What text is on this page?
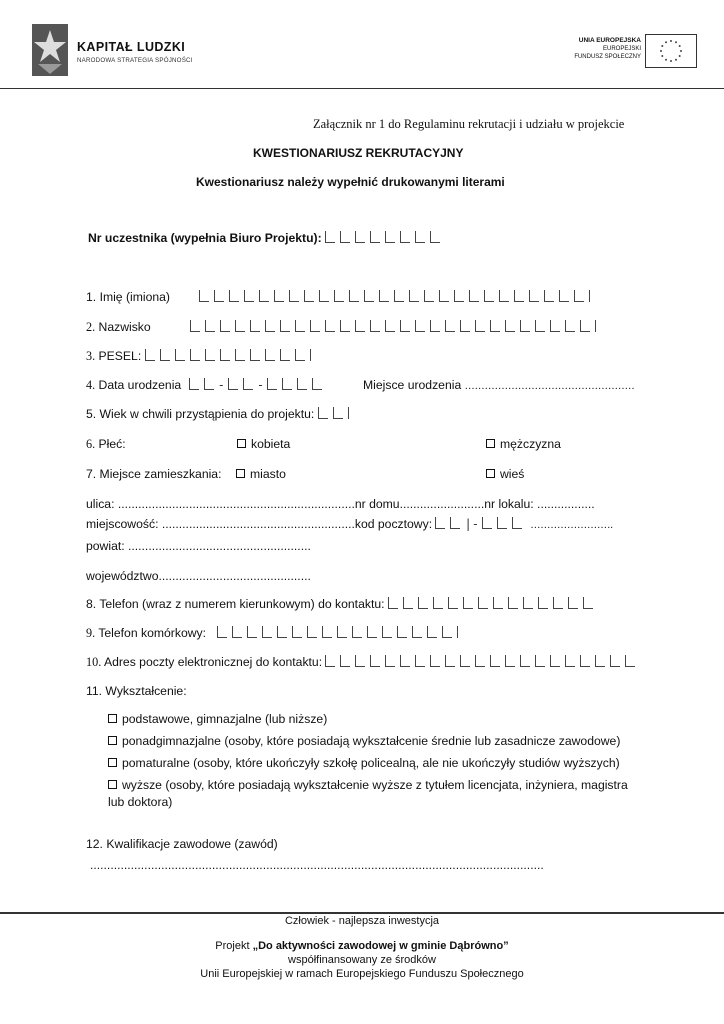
KAPITAŁ LUDZKI
NARODOWA STRATEGIA SPÓJNOŚCI
UNIA EUROPEJSKA
EUROPEJSKI
FUNDUSZ SPOŁECZNY
Załącznik nr 1 do Regulaminu rekrutacji i udziału w projekcie
KWESTIONARIUSZ REKRUTACYJNY
Kwestionariusz należy wypełnić drukowanymi literami
Nr uczestnika (wypełnia Biuro Projektu):
1. Imię (imiona)
2. Nazwisko
3. PESEL:
4. Data urodzenia	-	-	Miejsce urodzenia ……………………………………………
5. Wiek w chwili przystąpienia do projektu:
6. Płeć:	kobieta	mężczyzna
7. Miejsce zamieszkania:	miasto	wieś
ulica: ......................................................................nr domu.........................nr lokalu: .................
miejscowość: .........................................................kod pocztowy:	|-	…………………….
powiat: ......................................................
województwo.............................................
8. Telefon (wraz z numerem kierunkowym) do kontaktu:
9. Telefon komórkowy:
10. Adres poczty elektronicznej do kontaktu:
11. Wykształcenie:
podstawowe, gimnazjalne (lub niższe)
ponadgimnazjalne (osoby, które posiadają wykształcenie średnie lub zasadnicze zawodowe)
pomaturalne (osoby, które ukończyły szkołę policealną, ale nie ukończyły studiów wyższych)
wyższe (osoby, które posiadają wykształcenie wyższe z tytułem licencjata, inżyniera, magistra
lub doktora)
12. Kwalifikacje zawodowe (zawód)
......................................................................................................................................
Człowiek - najlepsza inwestycja
Projekt „Do aktywności zawodowej w gminie Dąbrówno”
współfinansowany ze środków
Unii Europejskiej w ramach Europejskiego Funduszu Społecznego
